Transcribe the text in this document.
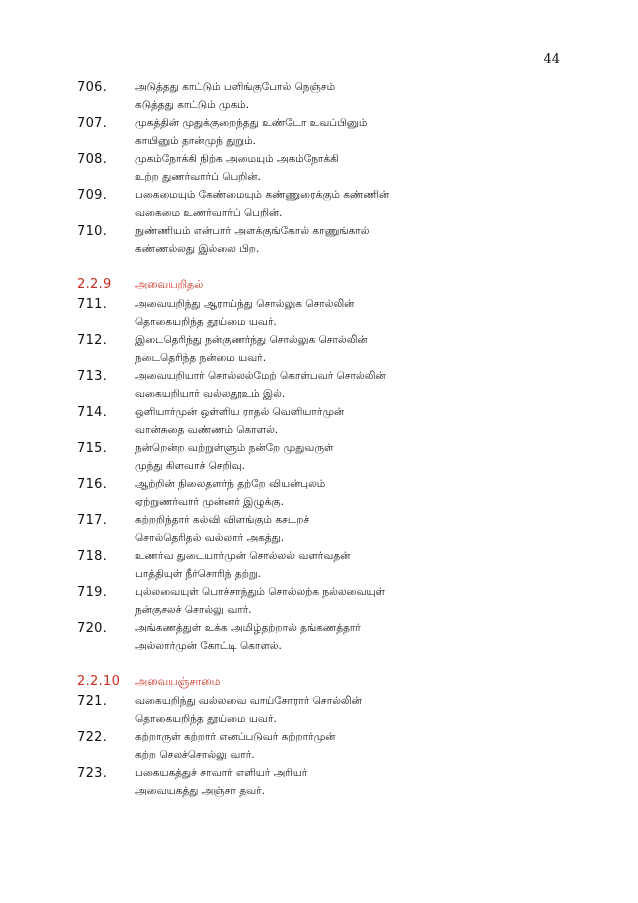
44
706.	அடுத்தது காட்டும் பளிங்குபோல் நெஞ்சம்
கடுத்தது காட்டும் முகம்.
707.	முகத்தின் முதுக்குறைந்தது உண்டோ உவப்பினும்
காயினும் தான்முந் துறும்.
708.	முகம்நோக்கி நிற்க அமையும் அகம்நோக்கி
உற்ற துணர்வார்ப் பெறின்.
709.	பகைமையும் கேண்மையும் கண்ணுரைக்கும் கண்ணின்
வகைமை உணர்வார்ப் பெறின்.
710.	நுண்ணியம் என்பார் அளக்குங்கோல் காணுங்கால்
கண்ணல்லது இல்லை பிற.
2.2.9	அவையறிதல்
711.	அவையறிந்து ஆராய்ந்து சொல்லுக சொல்லின்
தொகையறிந்த தூய்மை யவர்.
712.	இடைதெரிந்து நன்குணர்ந்து சொல்லுக சொல்லின்
நடைதெரிந்த நன்மை யவர்.
713.	அவையறியார் சொல்லல்மேற் கொள்பவர் சொல்லின்
வகையறியார் வல்லதூஉம் இல்.
714.	ஒளியார்முன் ஒள்ளிய ராதல் வெளியார்முன்
வான்சுதை வண்ணம் கொளல்.
715.	நன்றென்ற வற்றுள்ளும் நன்றே முதுவருள்
முந்து கிளவாச் செறிவு.
716.	ஆற்றின் நிலைதளர்ந் தற்றே வியன்புலம்
ஏற்றுணர்வார் முன்னர் இழுக்கு.
717.	கற்றறிந்தார் கல்வி விளங்கும் கசடறச்
சொல்தெரிதல் வல்லார் அகத்து.
718.	உணர்வ துடையார்முன் சொல்லல் வளர்வதன்
பாத்தியுள் நீர்சொரிந் தற்று.
719.	புல்லவையுள் பொச்சாந்தும் சொல்லற்க நல்லவையுள்
நன்குசலச் சொல்லு வார்.
720.	அங்கணத்துள் உக்க அமிழ்தற்றால் தங்கணத்தார்
அல்லார்முன் கோட்டி கொளல்.
2.2.10	அவையஞ்சாமை
721.	வகையறிந்து வல்லவை வாய்சோரார் சொல்லின்
தொகையறிந்த தூய்மை யவர்.
722.	கற்றாருள் கற்றார் எனப்படுவர் கற்றார்முன்
கற்ற செலச்சொல்லு வார்.
723.	பகையகத்துச் சாவார் எளியர் அரியர்
அவையகத்து அஞ்சா தவர்.
